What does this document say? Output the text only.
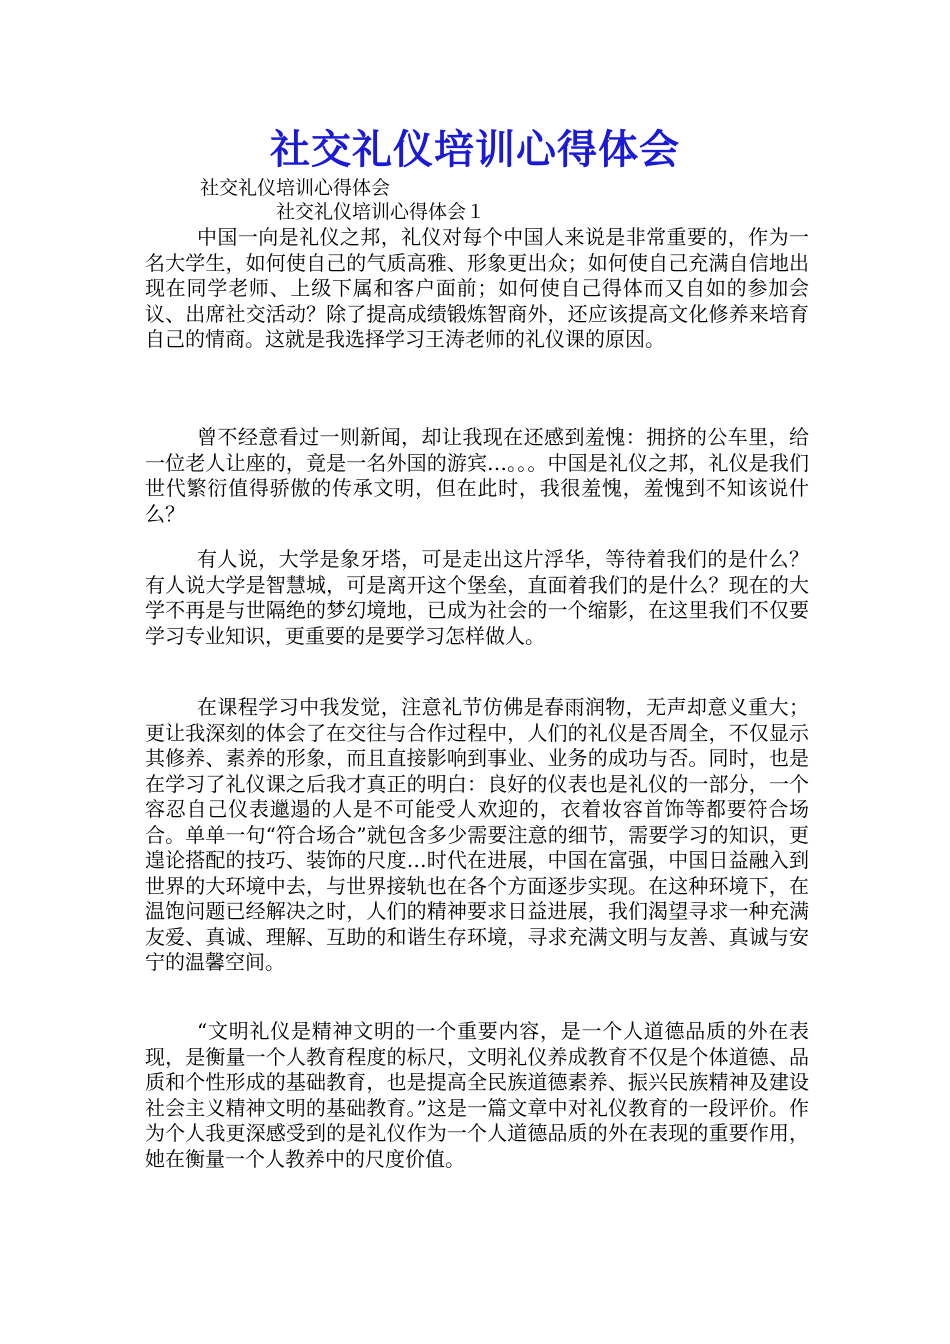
社交礼仪培训心得体会
社交礼仪培训心得体会
社交礼仪培训心得体会１

中国一向是礼仪之邦，礼仪对每个中国人来说是非常重要的，作为一名大学生，如何使自己的气质高雅、形象更出众；如何使自己充满自信地出现在同学老师、上级下属和客户面前；如何使自己得体而又自如的参加会议、出席社交活动？除了提高成绩锻炼智商外，还应该提高文化修养来培育自己的情商。这就是我选择学习王涛老师的礼仪课的原因。

曾不经意看过一则新闻，却让我现在还感到羞愧：拥挤的公车里，给一位老人让座的，竟是一名外国的游宾…。。。中国是礼仪之邦，礼仪是我们世代繁衍值得骄傲的传承文明，但在此时，我很羞愧，羞愧到不知该说什么？

有人说，大学是象牙塔，可是走出这片浮华，等待着我们的是什么？有人说大学是智慧城，可是离开这个堡垒，直面着我们的是什么？现在的大学不再是与世隔绝的梦幻境地，已成为社会的一个缩影，在这里我们不仅要学习专业知识，更重要的是要学习怎样做人。

在课程学习中我发觉，注意礼节仿佛是春雨润物，无声却意义重大；更让我深刻的体会了在交往与合作过程中，人们的礼仪是否周全，不仅显示其修养、素养的形象，而且直接影响到事业、业务的成功与否。同时，也是在学习了礼仪课之后我才真正的明白：良好的仪表也是礼仪的一部分，一个容忍自己仪表邋遢的人是不可能受人欢迎的，衣着妆容首饰等都要符合场合。单单一句“符合场合”就包含多少需要注意的细节，需要学习的知识，更遑论搭配的技巧、装饰的尺度…时代在进展，中国在富强，中国日益融入到世界的大环境中去，与世界接轨也在各个方面逐步实现。在这种环境下，在温饱问题已经解决之时，人们的精神要求日益进展，我们渴望寻求一种充满友爱、真诚、理解、互助的和谐生存环境，寻求充满文明与友善、真诚与安宁的温馨空间。

“文明礼仪是精神文明的一个重要内容，是一个人道德品质的外在表现，是衡量一个人教育程度的标尺，文明礼仪养成教育不仅是个体道德、品质和个性形成的基础教育，也是提高全民族道德素养、振兴民族精神及建设社会主义精神文明的基础教育。”这是一篇文章中对礼仪教育的一段评价。作为个人我更深感受到的是礼仪作为一个人道德品质的外在表现的重要作用，她在衡量一个人教养中的尺度价值。
